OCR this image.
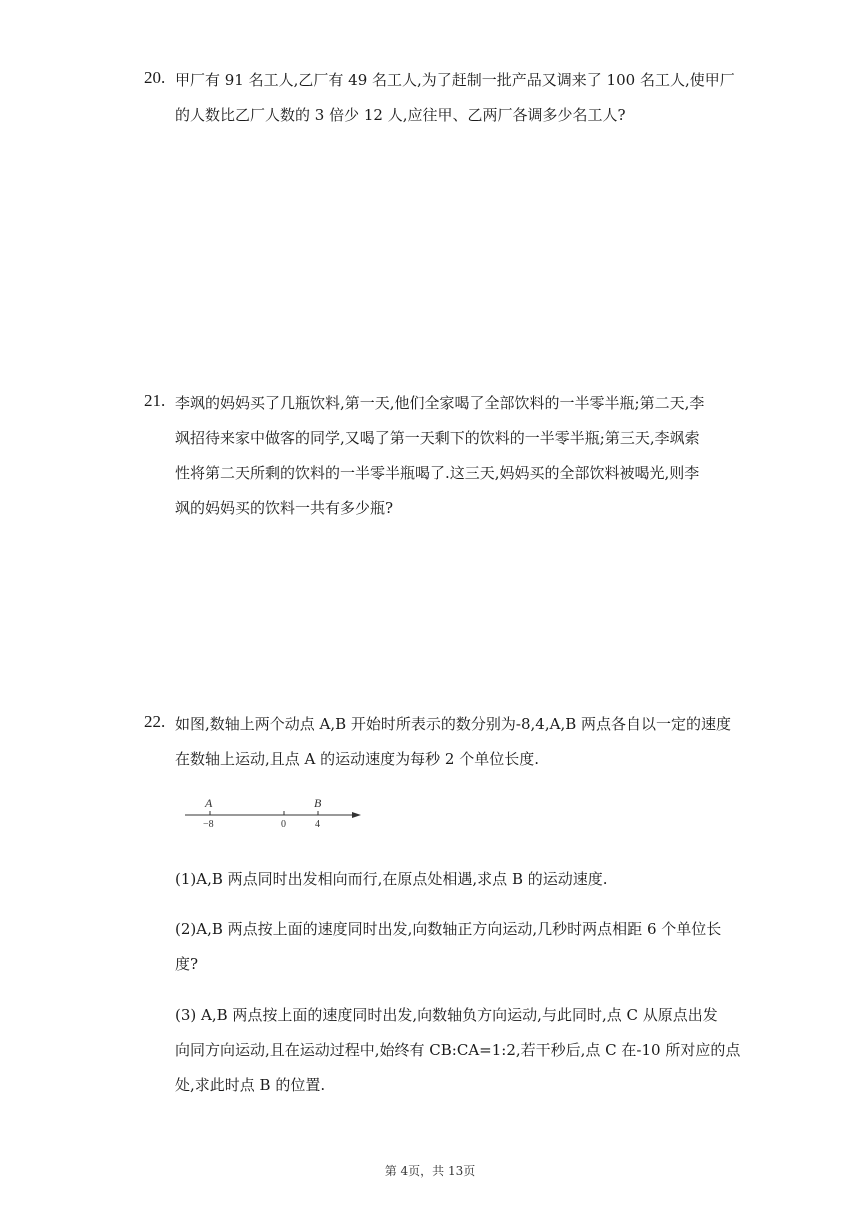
20. 甲厂有 91 名工人,乙厂有 49 名工人,为了赶制一批产品又调来了 100 名工人,使甲厂
的人数比乙厂人数的 3 倍少 12 人,应往甲、乙两厂各调多少名工人?
21. 李飒的妈妈买了几瓶饮料,第一天,他们全家喝了全部饮料的一半零半瓶;第二天,李
飒招待来家中做客的同学,又喝了第一天剩下的饮料的一半零半瓶;第三天,李飒索
性将第二天所剩的饮料的一半零半瓶喝了.这三天,妈妈买的全部饮料被喝光,则李
飒的妈妈买的饮料一共有多少瓶?
22. 如图,数轴上两个动点 A,B 开始时所表示的数分别为-8,4,A,B 两点各自以一定的速度
在数轴上运动,且点 A 的运动速度为每秒 2 个单位长度.
A	B
−8	0	4
(1)A,B 两点同时出发相向而行,在原点处相遇,求点 B 的运动速度.
(2)A,B 两点按上面的速度同时出发,向数轴正方向运动,几秒时两点相距 6 个单位长
度?
(3) A,B 两点按上面的速度同时出发,向数轴负方向运动,与此同时,点 C 从原点出发
向同方向运动,且在运动过程中,始终有 CB:CA=1:2,若干秒后,点 C 在-10 所对应的点
处,求此时点 B 的位置.
第 4页，共 13页
